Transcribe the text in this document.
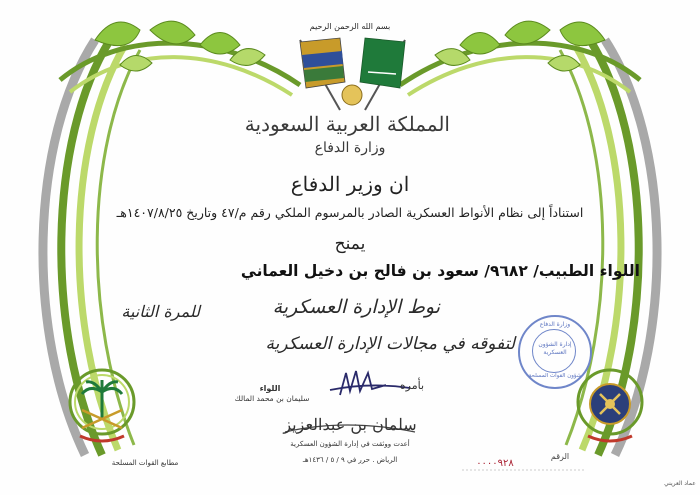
بسم الله الرحمن الرحيم
المملكة العربية السعودية
وزارة الدفاع
ان وزير الدفاع
استناداً إلى نظام الأنواط العسكرية الصادر بالمرسوم الملكي رقم م/٤٧ وتاريخ ١٤٠٧/٨/٢٥هـ
يمنح
اللواء الطبيب/ ٩٦٨٢/ سعود بن فالح بن دخيل العماني
نوط الإدارة العسكرية
للمرة الثانية
لتفوقه في مجالات الإدارة العسكرية
بأمره
اللواء
سليمان بن محمد المالك
سلمان بن عبدالعزيز
أعدت ووثقت في إدارة الشؤون العسكرية
الرياض . حرر في ٩ / ٥ / ١٤٣٦هـ	الرقم
٠٠٠٠٩٢٨
مطابع القوات المسلحة
عماد العريني
وزارة الدفاع
إدارة الشؤون العسكرية
شؤون القوات المسلحة
